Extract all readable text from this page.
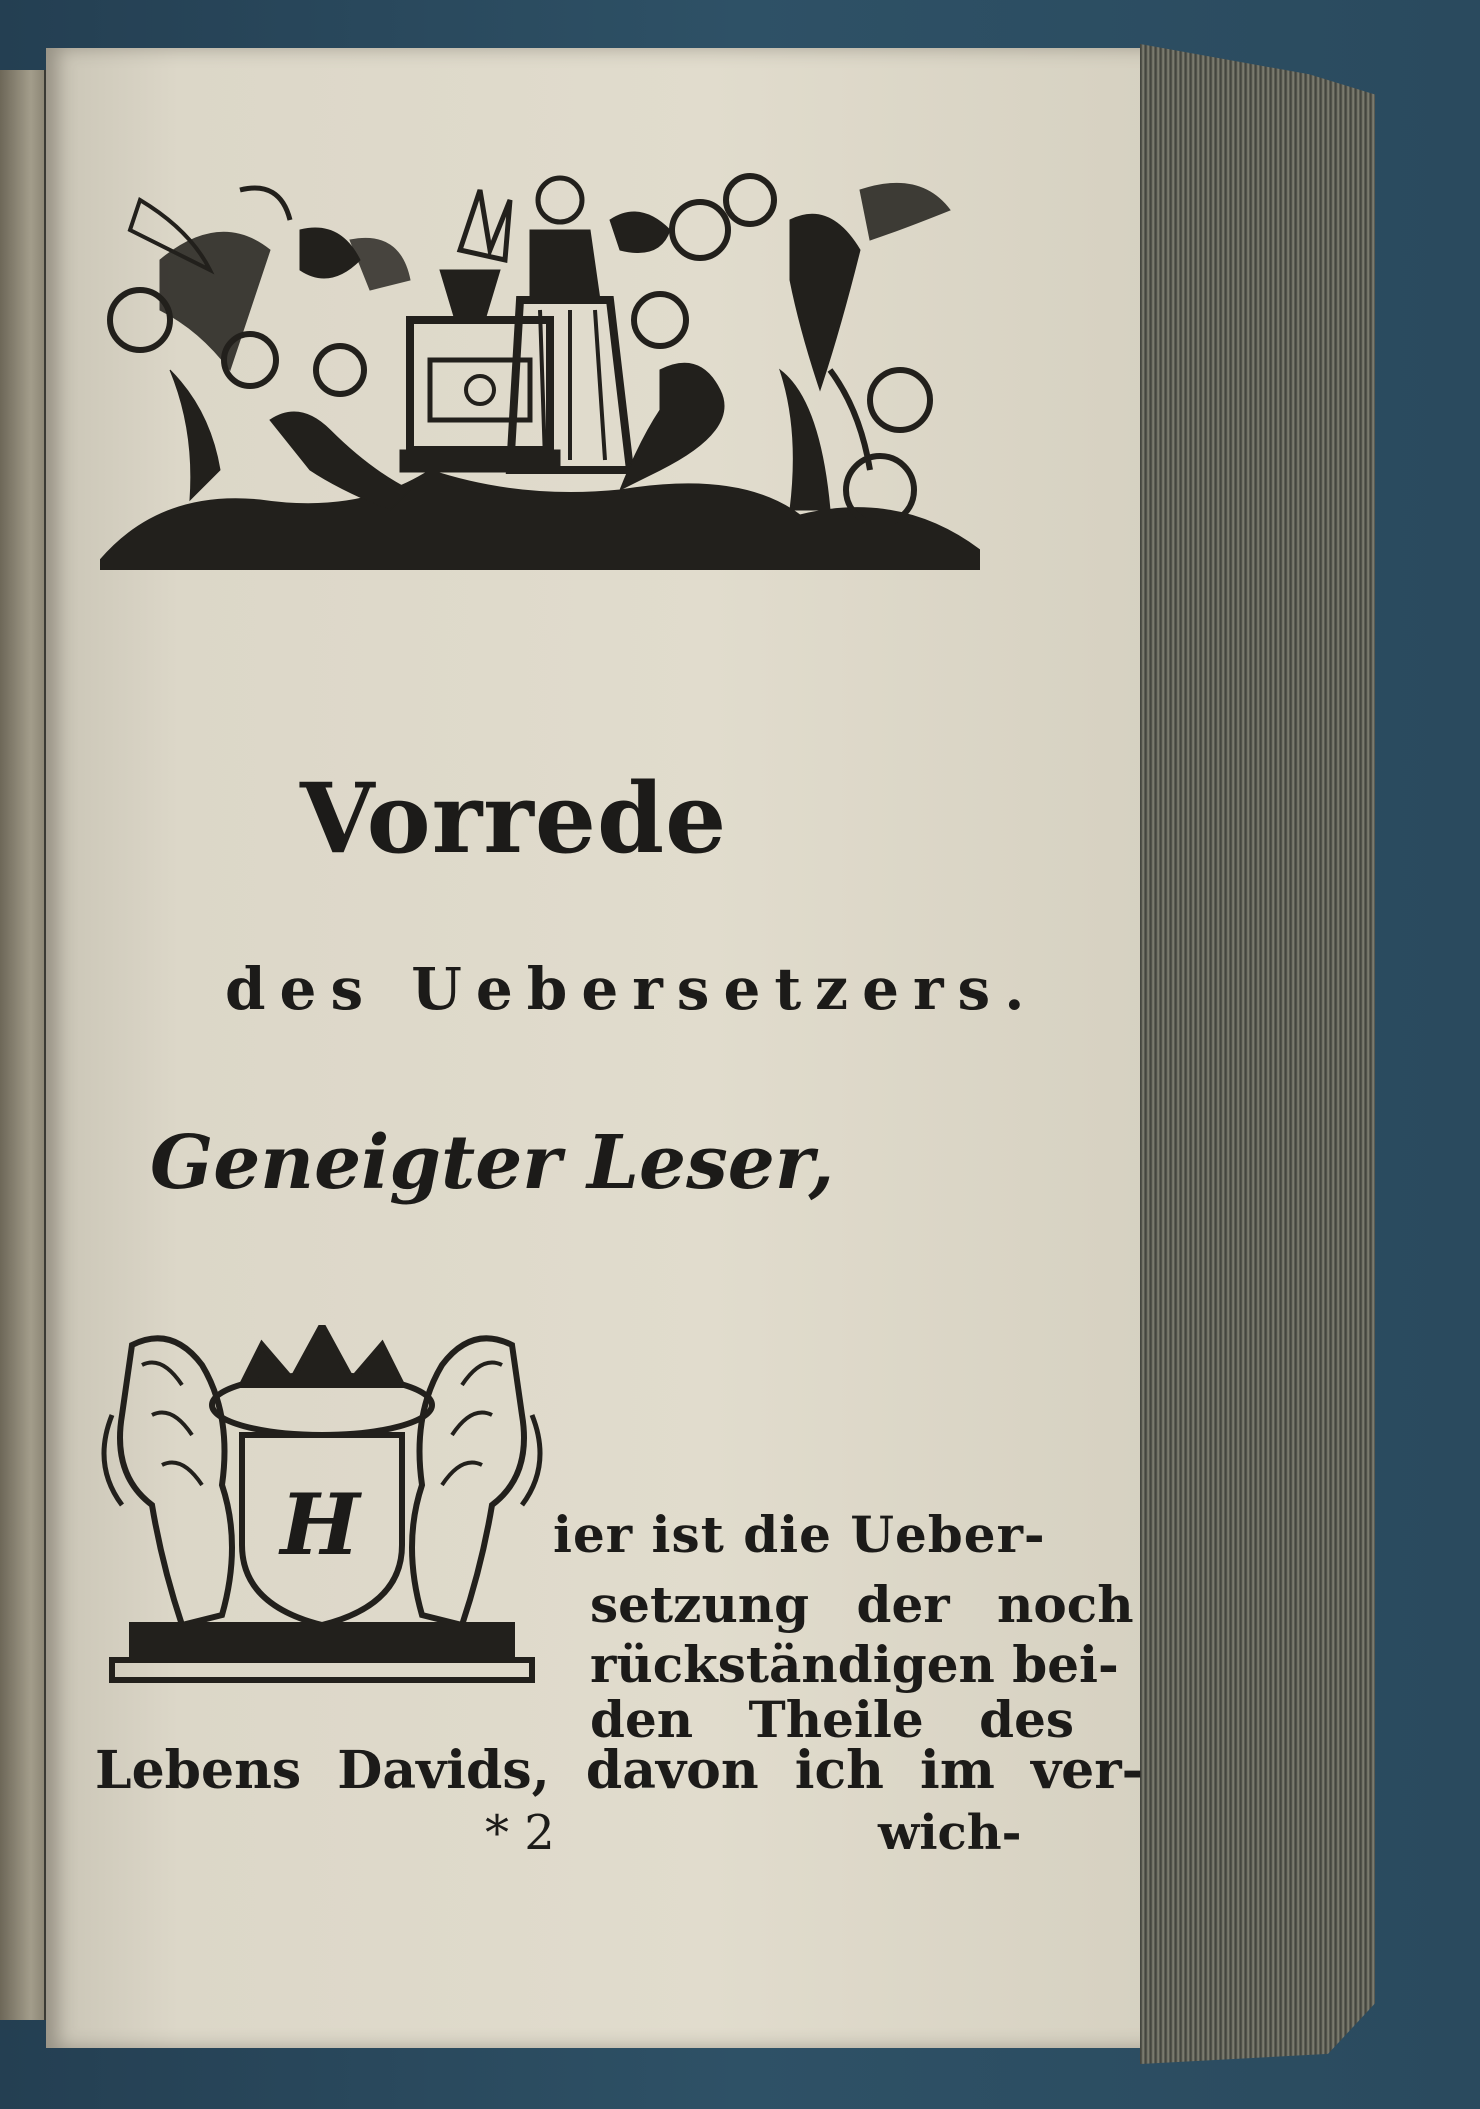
Vorrede
des Uebersetzers.
Geneigter Leser,
H	ier ist die Ueber-
setzung der noch
rückständigen bei-
den Theile des
Lebens Davids, davon ich im ver-
* 2	wich-
